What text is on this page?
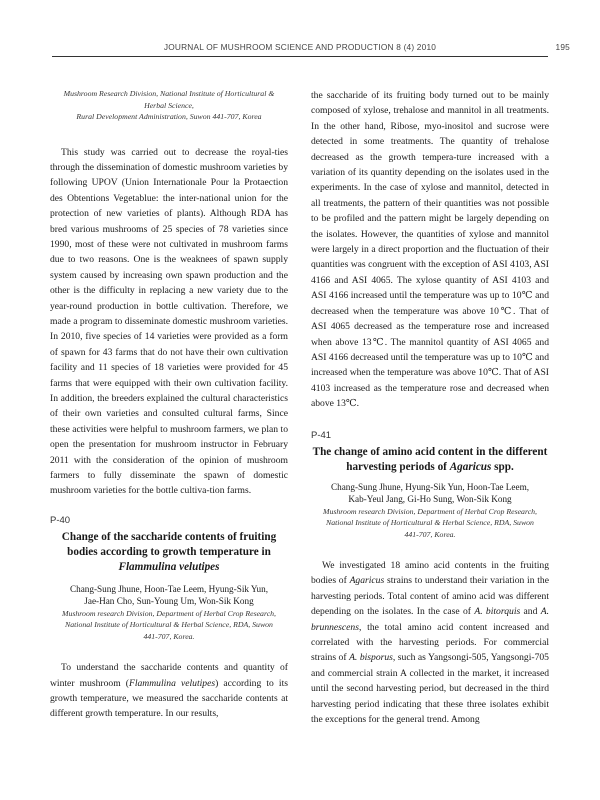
JOURNAL OF MUSHROOM SCIENCE AND PRODUCTION 8 (4) 2010	195

Mushroom Research Division, National Institute of Horticultural &

Herbal Science,

Rural Development Administration, Suwon 441-707, Korea

This study was carried out to decrease the royal-ties through the dissemination of domestic mushroom varieties by following UPOV (Union Internationale Pour la Protaection des Obtentions Vegetablue: the inter-national union for the protection of new varieties of plants). Although RDA has bred various mushrooms of 25 species of 78 varieties since 1990, most of these were not cultivated in mushroom farms due to two reasons. One is the weaknees of spawn supply system caused by increasing own spawn production and the other is the difficulty in replacing a new variety due to the year-round production in bottle cultivation. Therefore, we made a program to disseminate domestic mushroom varieties. In 2010, five species of 14 varieties were provided as a form of spawn for 43 farms that do not have their own cultivation facility and 11 species of 18 varieties were provided for 45 farms that were equipped with their own cultivation facility. In addition, the breeders explained the cultural characteristics of their own varieties and consulted cultural farms, Since these activities were helpful to mushroom farmers, we plan to open the presentation for mushroom instructor in February 2011 with the consideration of the opinion of mushroom farmers to fully disseminate the spawn of domestic mushroom varieties for the bottle cultiva-tion farms.

P-40

Change of the saccharide contents of fruiting bodies according to growth temperature in
Flammulina velutipes

Chang-Sung Jhune, Hoon-Tae Leem, Hyung-Sik Yun,

Jae-Han Cho, Sun-Young Um, Won-Sik Kong

Mushroom research Division, Department of Herbal Crop Research,

National Institute of Horticultural & Herbal Science, RDA, Suwon

441-707, Korea.

To understand the saccharide contents and quantity of winter mushroom (Flammulina velutipes) according to its growth temperature, we measured the saccharide contents at different growth temperature. In our results,

the saccharide of its fruiting body turned out to be mainly composed of xylose, trehalose and mannitol in all treatments. In the other hand, Ribose, myo-inositol and sucrose were detected in some treatments. The quantity of trehalose decreased as the growth tempera-ture increased with a variation of its quantity depending on the isolates used in the experiments. In the case of xylose and mannitol, detected in all treatments, the pattern of their quantities was not possible to be profiled and the pattern might be largely depending on the isolates. However, the quantities of xylose and mannitol were largely in a direct proportion and the fluctuation of their quantities was congruent with the exception of ASI 4103, ASI 4166 and ASI 4065. The xylose quantity of ASI 4103 and ASI 4166 increased until the temperature was up to 10℃ and decreased when the temperature was above 10℃. That of ASI 4065 decreased as the temperature rose and increased when above 13℃. The mannitol quantity of ASI 4065 and ASI 4166 decreased until the temperature was up to 10℃ and increased when the temperature was above 10℃. That of ASI 4103 increased as the temperature rose and decreased when above 13℃.

P-41

The change of amino acid content in the different harvesting periods of Agaricus spp.

Chang-Sung Jhune, Hyung-Sik Yun, Hoon-Tae Leem,

Kab-Yeul Jang, Gi-Ho Sung, Won-Sik Kong

Mushroom research Division, Department of Herbal Crop Research,

National Institute of Horticultural & Herbal Science, RDA, Suwon

441-707, Korea.

We investigated 18 amino acid contents in the fruiting bodies of Agaricus strains to understand their variation in the harvesting periods. Total content of amino acid was different depending on the isolates. In the case of A. bitorquis and A. brunnescens, the total amino acid content increased and correlated with the harvesting periods. For commercial strains of A. bisporus, such as Yangsongi-505, Yangsongi-705 and commercial strain A collected in the market, it increased until the second harvesting period, but decreased in the third harvesting period indicating that these three isolates exhibit the exceptions for the general trend. Among
